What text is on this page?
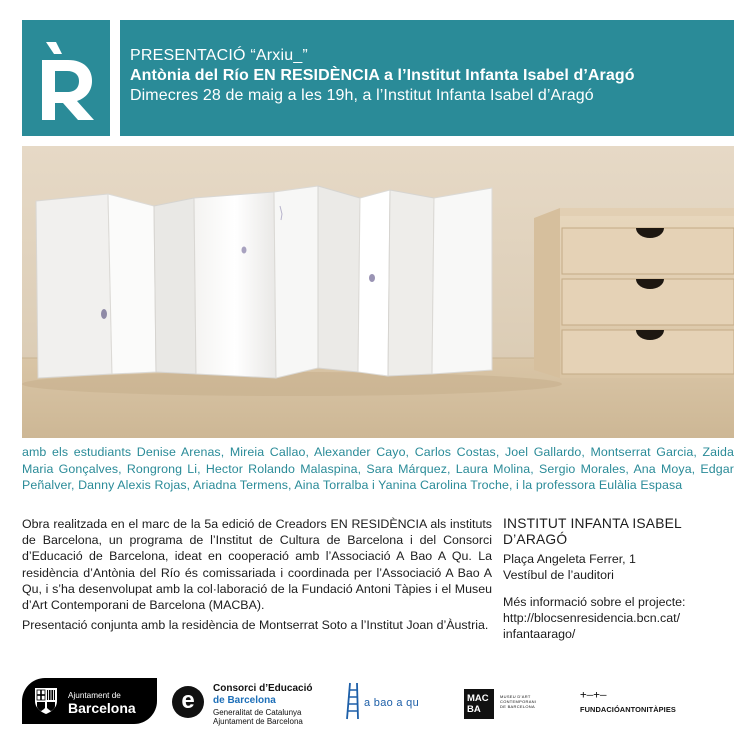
PRESENTACIÓ “Arxiu_”
Antònia del Río EN RESIDÈNCIA a l’Institut Infanta Isabel d’Aragó
Dimecres 28 de maig a les 19h, a l’Institut Infanta Isabel d’Aragó
amb els estudiants Denise Arenas, Mireia Callao, Alexander Cayo, Carlos Costas, Joel Gallardo, Montserrat Garcia, Zaida Maria Gonçalves, Rongrong Li, Hector Rolando Malaspina, Sara Márquez, Laura Molina, Sergio Morales, Ana Moya, Edgar Peñalver, Danny Alexis Rojas, Ariadna Termens, Aina Torralba i Yanina Carolina Troche, i la professora Eulàlia Espasa

Obra realitzada en el marc de la 5a edició de Creadors EN RESIDÈNCIA als instituts de Barcelona, un programa de l’Institut de Cultura de Barcelona i del Consorci d’Educació de Barcelona, ideat en cooperació amb l’Associació A Bao A Qu. La residència d’Antònia del Río és comissariada i coordinada per l’Associació A Bao A Qu, i s’ha desenvolupat amb la col·laboració de la Fundació Antoni Tàpies i el Museu d’Art Contemporani de Barcelona (MACBA).

Presentació conjunta amb la residència de Montserrat Soto a l’Institut Joan d’Àustria.

INSTITUT INFANTA ISABEL
D’ARAGÓ
Plaça Angeleta Ferrer, 1
Vestíbul de l’auditori
Més informació sobre el projecte:
http://blocsenresidencia.bcn.cat/
infantaarago/
Ajuntament de
Barcelona	e	Consorci d’Educació
de Barcelona
Generalitat de Catalunya
Ajuntament de Barcelona
a bao a qu	MAC
BA
MUSEU D’ART
CONTEMPORANI
DE BARCELONA
+–+–
FUNDACIÓANTONITÀPIES
